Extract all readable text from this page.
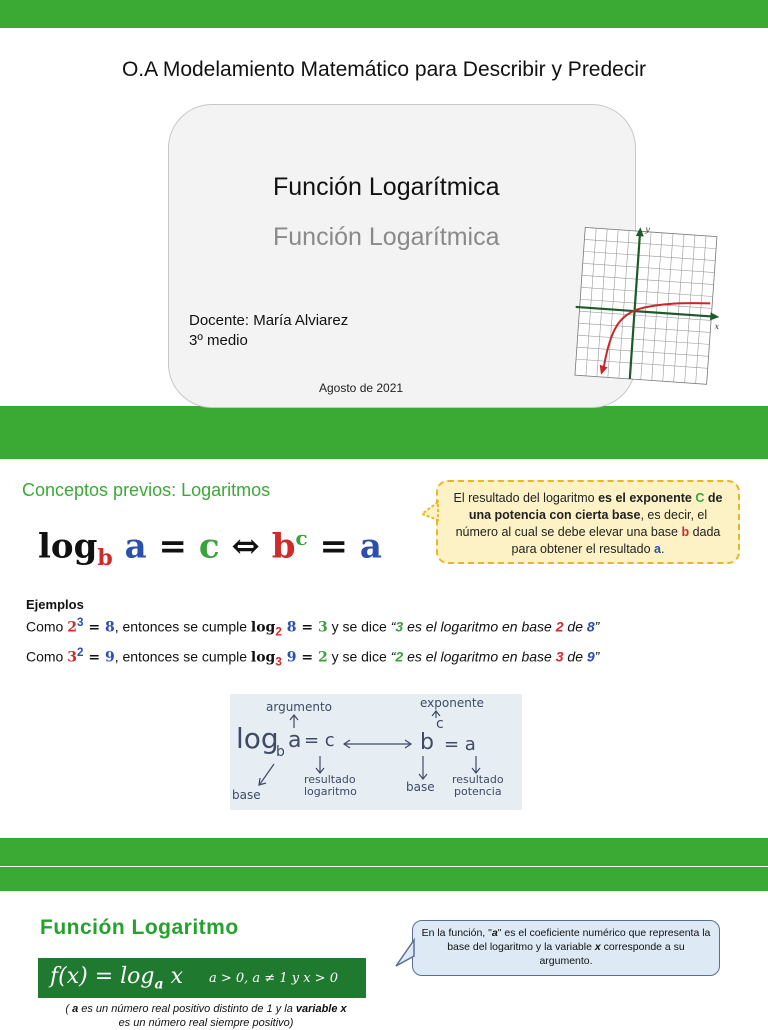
O.A Modelamiento Matemático para Describir y Predecir
Función Logarítmica
Función Logarítmica
Docente: María Alviarez
3º medio
Agosto de 2021
y
x
Conceptos previos: Logaritmos	El resultado del logaritmo es el exponente C de una potencia con cierta base, es decir, el número al cual se debe elevar una base b dada para obtener el resultado a.
$\log_b a = c$ ⇔ $b^c = a$
Ejemplos
Como $2^3 = 8$, entonces se cumple $\log_2 8 = 3$ y se dice “3 es el logaritmo en base 2 de 8”
Como $3^2 = 9$, entonces se cumple $\log_3 9 = 2$ y se dice “2 es el logaritmo en base 3 de 9”
argumento	exponente
log
b a = c	b
c
= a
base
resultado
logaritmo	base
resultado
potencia
Función Logaritmo
$f(x) = \log_a x$ a > 0, a ≠ 1 y x > 0
( a es un número real positivo distinto de 1 y la variable x
es un número real siempre positivo)
En la función, "a" es el coeficiente numérico que representa la base del logaritmo y la variable x corresponde a su argumento.
